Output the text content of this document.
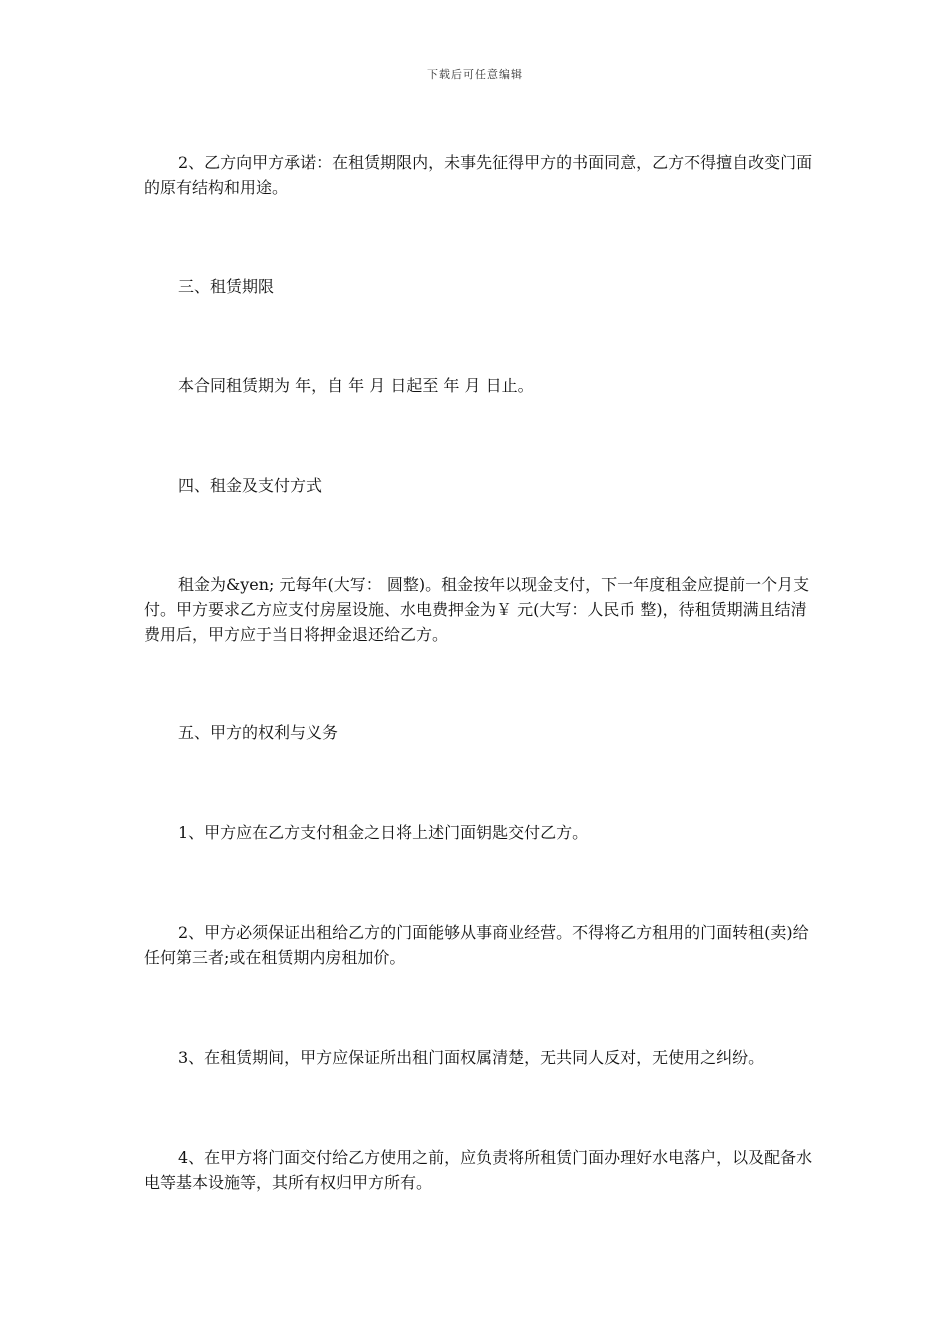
下载后可任意编辑

2、乙方向甲方承诺：在租赁期限内，未事先征得甲方的书面同意，乙方不得擅自改变门面的原有结构和用途。

三、租赁期限

本合同租赁期为 年，自 年 月 日起至 年 月 日止。

四、租金及支付方式

租金为&yen; 元每年(大写： 圆整)。租金按年以现金支付，下一年度租金应提前一个月支付。甲方要求乙方应支付房屋设施、水电费押金为￥ 元(大写：人民币 整)，待租赁期满且结清费用后，甲方应于当日将押金退还给乙方。

五、甲方的权利与义务

1、甲方应在乙方支付租金之日将上述门面钥匙交付乙方。

2、甲方必须保证出租给乙方的门面能够从事商业经营。不得将乙方租用的门面转租(卖)给任何第三者;或在租赁期内房租加价。

3、在租赁期间，甲方应保证所出租门面权属清楚，无共同人反对，无使用之纠纷。

4、在甲方将门面交付给乙方使用之前，应负责将所租赁门面办理好水电落户，以及配备水电等基本设施等，其所有权归甲方所有。
